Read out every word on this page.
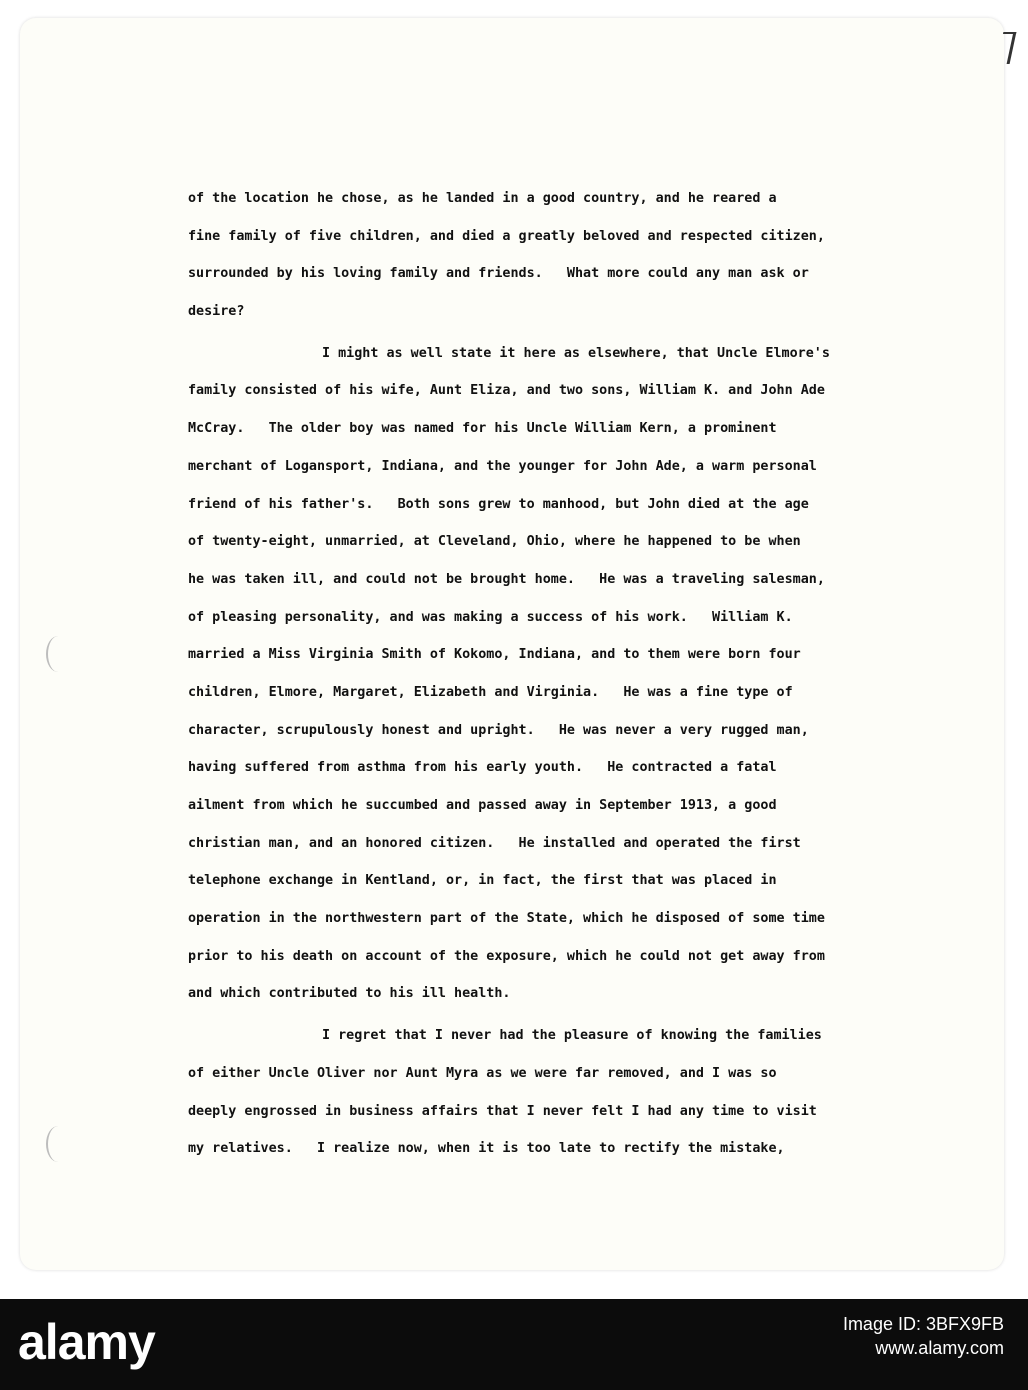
of the location he chose, as he landed in a good country, and he reared a
fine family of five children, and died a greatly beloved and respected citizen,
surrounded by his loving family and friends.   What more could any man ask or
desire?
I might as well state it here as elsewhere, that Uncle Elmore's
family consisted of his wife, Aunt Eliza, and two sons, William K. and John Ade
McCray.   The older boy was named for his Uncle William Kern, a prominent
merchant of Logansport, Indiana, and the younger for John Ade, a warm personal
friend of his father's.   Both sons grew to manhood, but John died at the age
of twenty-eight, unmarried, at Cleveland, Ohio, where he happened to be when
he was taken ill, and could not be brought home.   He was a traveling salesman,
of pleasing personality, and was making a success of his work.   William K.
married a Miss Virginia Smith of Kokomo, Indiana, and to them were born four
children, Elmore, Margaret, Elizabeth and Virginia.   He was a fine type of
character, scrupulously honest and upright.   He was never a very rugged man,
having suffered from asthma from his early youth.   He contracted a fatal
ailment from which he succumbed and passed away in September 1913, a good
christian man, and an honored citizen.   He installed and operated the first
telephone exchange in Kentland, or, in fact, the first that was placed in
operation in the northwestern part of the State, which he disposed of some time
prior to his death on account of the exposure, which he could not get away from
and which contributed to his ill health.
I regret that I never had the pleasure of knowing the families
of either Uncle Oliver nor Aunt Myra as we were far removed, and I was so
deeply engrossed in business affairs that I never felt I had any time to visit
my relatives.   I realize now, when it is too late to rectify the mistake,
alamy	Image ID: 3BFX9FB
www.alamy.com
